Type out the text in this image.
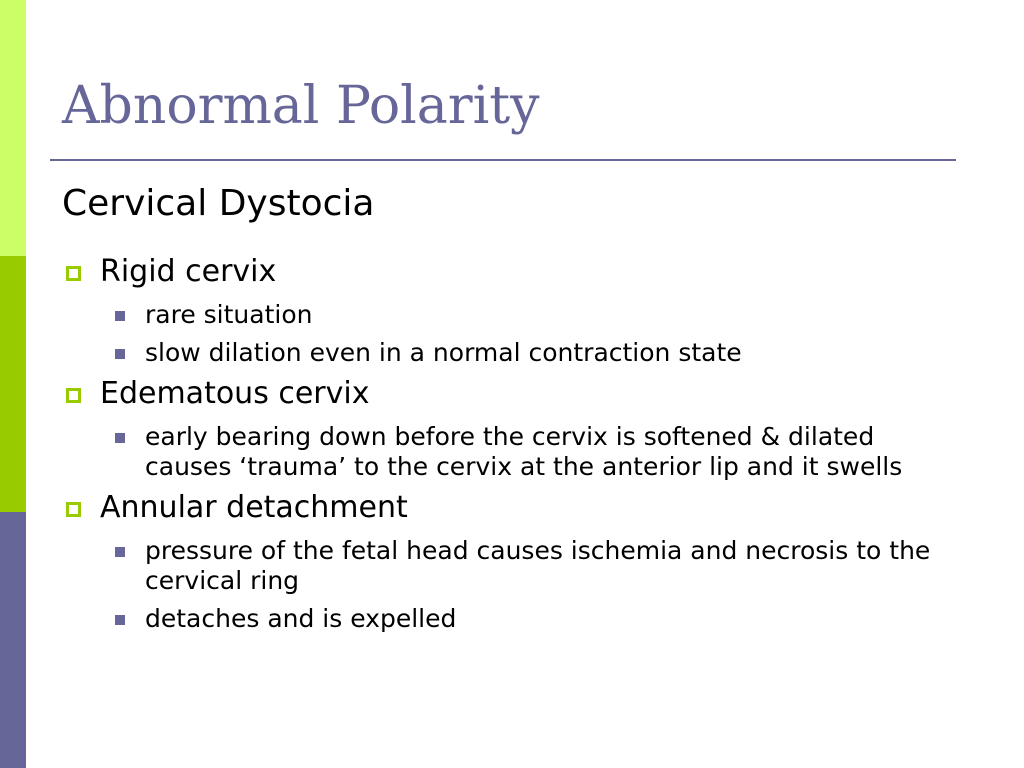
Abnormal Polarity
Cervical Dystocia
Rigid cervix
rare situation
slow dilation even in a normal contraction state
Edematous cervix
early bearing down before the cervix is softened & dilated causes ‘trauma’ to the cervix at the anterior lip and it swells
Annular detachment
pressure of the fetal head causes ischemia and necrosis to the cervical ring
detaches and is expelled
